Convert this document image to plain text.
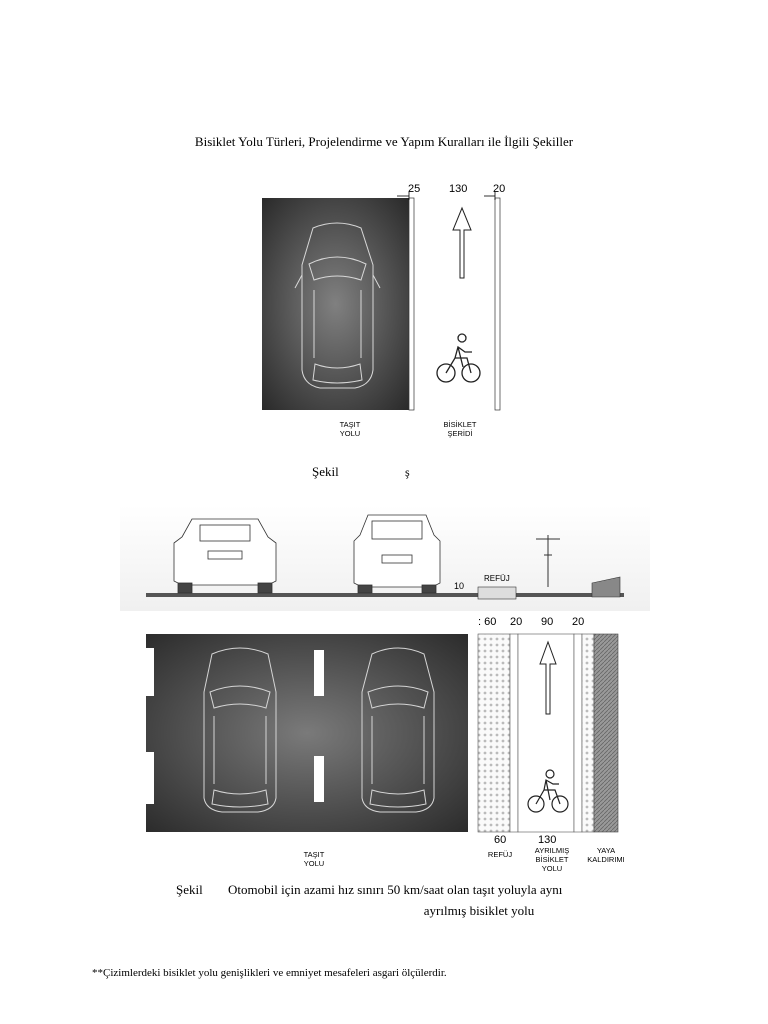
Bisiklet Yolu Türleri, Projelendirme ve Yapım Kuralları ile İlgili Şekiller
25	130 20
TAŞIT
YOLU
BİSİKLET
ŞERİDİ
Şekil	ş
REFÜJ
10
: 60 20 90 20
60	130
TAŞIT
YOLU
REFÜJ	AYRILMIŞ
BİSİKLET
YOLU
YAYA
KALDIRIMI
Şekil Otomobil için azami hız sınırı 50 km/saat olan taşıt yoluyla aynı
ayrılmış bisiklet yolu
**Çizimlerdeki bisiklet yolu genişlikleri ve emniyet mesafeleri asgari ölçülerdir.
